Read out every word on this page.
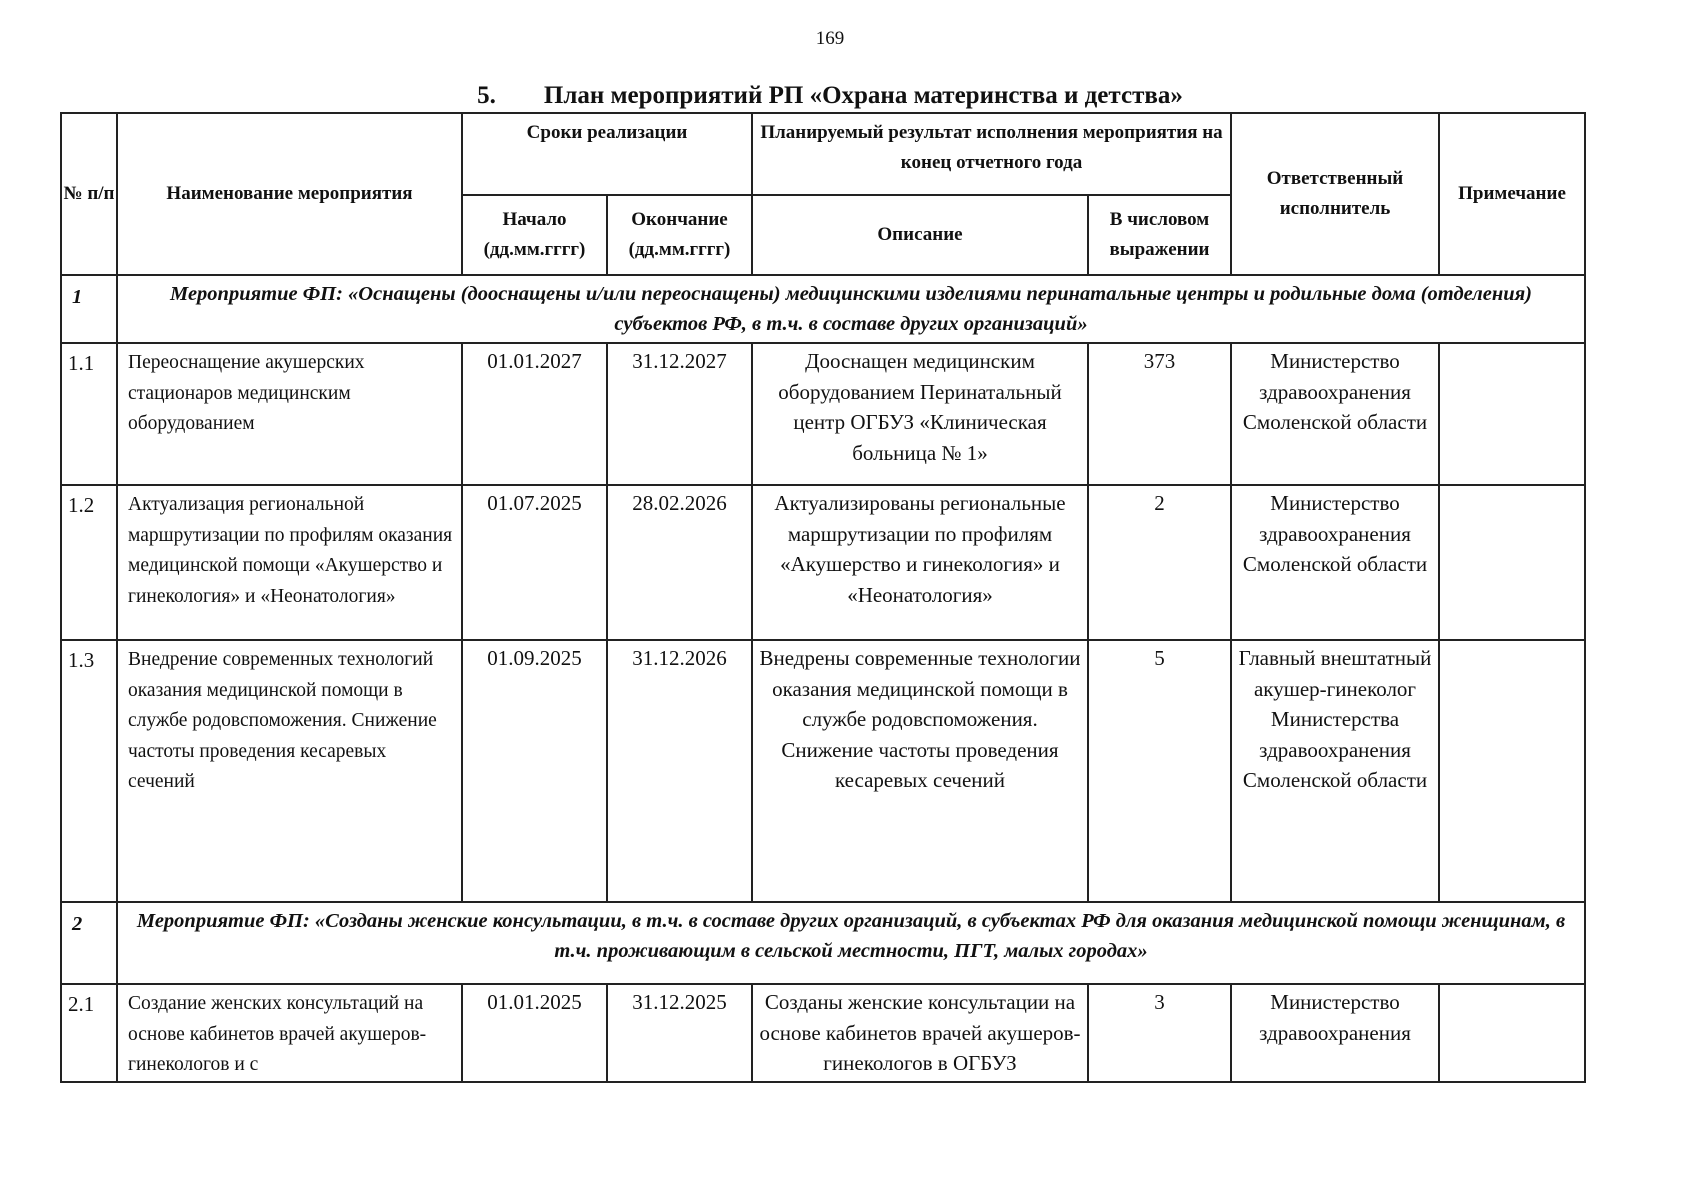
169
5. План мероприятий РП «Охрана материнства и детства»
№ п/п	Наименование мероприятия	Сроки реализации		Планируемый результат исполнения мероприятия на конец отчетного года		Ответственный исполнитель	Примечание
		Начало (дд.мм.гггг)	Окончание (дд.мм.гггг)	Описание	В числовом выражении		
1	Мероприятие ФП: «Оснащены (дооснащены и/или переоснащены) медицинскими изделиями перинатальные центры и родильные дома (отделения) субъектов РФ, в т.ч. в составе других организаций»						
1.1	Переоснащение акушерских стационаров медицинским оборудованием	01.01.2027	31.12.2027	Дооснащен медицинским оборудованием Перинатальный центр ОГБУЗ «Клиническая больница № 1»	373	Министерство здравоохранения Смоленской области	
1.2	Актуализация региональной маршрутизации по профилям оказания медицинской помощи «Акушерство и гинекология» и «Неонатология»	01.07.2025	28.02.2026	Актуализированы региональные маршрутизации по профилям «Акушерство и гинекология» и «Неонатология»	2	Министерство здравоохранения Смоленской области	
1.3	Внедрение современных технологий оказания медицинской помощи в службе родовспоможения. Снижение частоты проведения кесаревых сечений	01.09.2025	31.12.2026	Внедрены современные технологии оказания медицинской помощи в службе родовспоможения. Снижение частоты проведения кесаревых сечений	5	Главный внештатный акушер-гинеколог Министерства здравоохранения Смоленской области	
2	Мероприятие ФП: «Созданы женские консультации, в т.ч. в составе других организаций, в субъектах РФ для оказания медицинской помощи женщинам, в т.ч. проживающим в сельской местности, ПГТ, малых городах»						
2.1	Создание женских консультаций на основе кабинетов врачей акушеров-гинекологов и с	01.01.2025	31.12.2025	Созданы женские консультации на основе кабинетов врачей акушеров-гинекологов в ОГБУЗ	3	Министерство здравоохранения	
